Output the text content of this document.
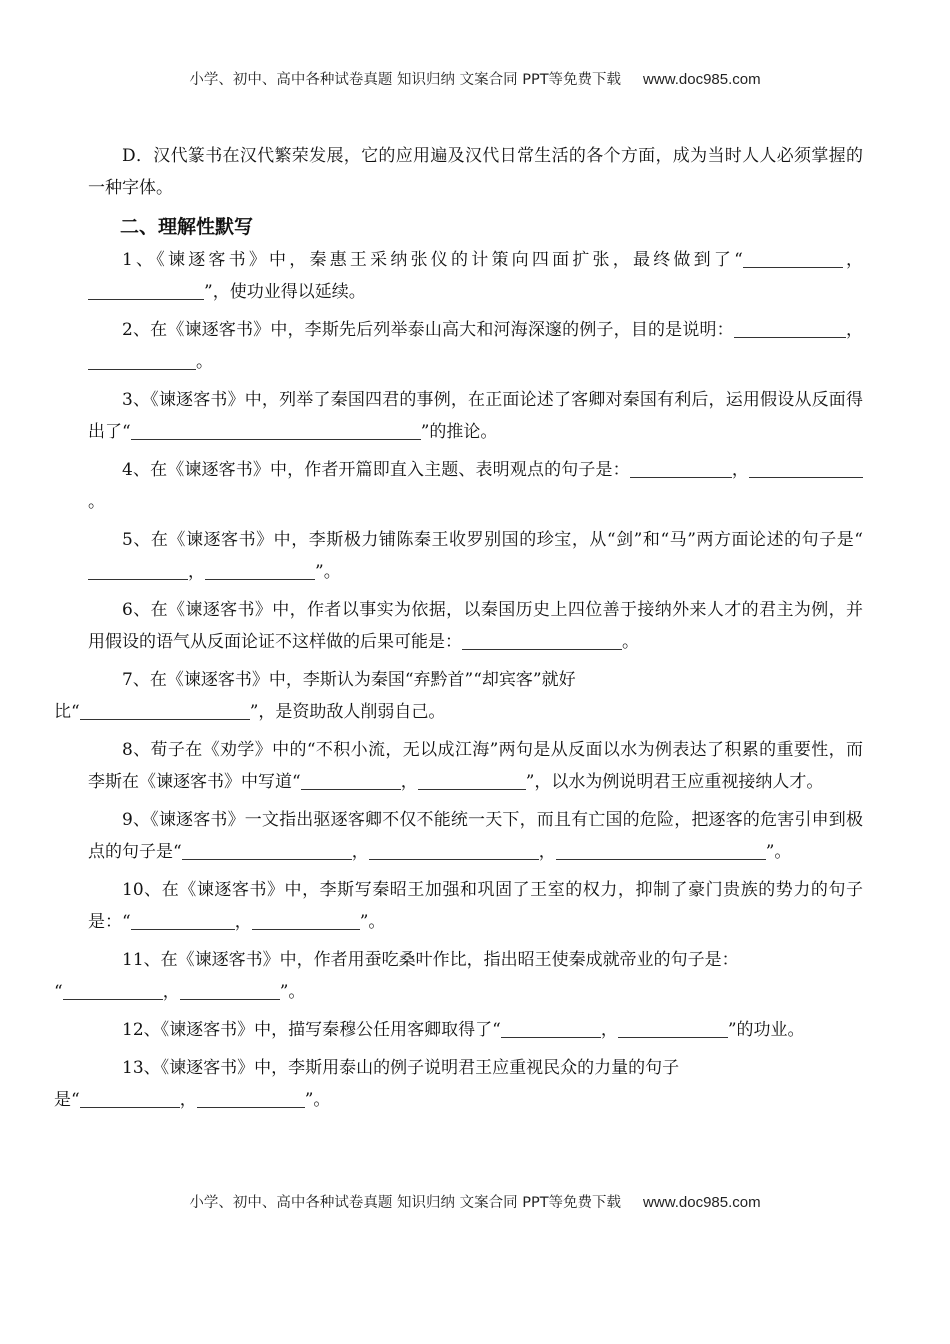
小学、初中、高中各种试卷真题 知识归纳 文案合同 PPT等免费下载 www.doc985.com

D．汉代篆书在汉代繁荣发展，它的应用遍及汉代日常生活的各个方面，成为当时人人必须掌握的一种字体。

二、理解性默写

1、《谏逐客书》中，秦惠王采纳张仪的计策向四面扩张，最终做到了“	，”，使功业得以延续。

2、在《谏逐客书》中，李斯先后列举泰山高大和河海深邃的例子，目的是说明：	，。

3、《谏逐客书》中，列举了秦国四君的事例，在正面论述了客卿对秦国有利后，运用假设从反面得出了“	”的推论。

4、在《谏逐客书》中，作者开篇即直入主题、表明观点的句子是：	，。

5、在《谏逐客书》中，李斯极力铺陈秦王收罗别国的珍宝，从“剑”和“马”两方面论述的句子是“，	”。

6、在《谏逐客书》中，作者以事实为依据，以秦国历史上四位善于接纳外来人才的君主为例，并用假设的语气从反面论证不这样做的后果可能是：	。

7、在《谏逐客书》中，李斯认为秦国“弃黔首”“却宾客”就好
比“	”，是资助敌人削弱自己。

8、荀子在《劝学》中的“不积小流，无以成江海”两句是从反面以水为例表达了积累的重要性，而李斯在《谏逐客书》中写道“	，	”，以水为例说明君王应重视接纳人才。

9、《谏逐客书》一文指出驱逐客卿不仅不能统一天下，而且有亡国的危险，把逐客的危害引申到极点的句子是“	，	，	”。

10、在《谏逐客书》中，李斯写秦昭王加强和巩固了王室的权力，抑制了豪门贵族的势力的句子是：“	，	”。

11、在《谏逐客书》中，作者用蚕吃桑叶作比，指出昭王使秦成就帝业的句子是：
“	，	”。

12、《谏逐客书》中，描写秦穆公任用客卿取得了“	，	”的功业。

13、《谏逐客书》中，李斯用泰山的例子说明君王应重视民众的力量的句子
是“	，	”。

小学、初中、高中各种试卷真题 知识归纳 文案合同 PPT等免费下载 www.doc985.com
